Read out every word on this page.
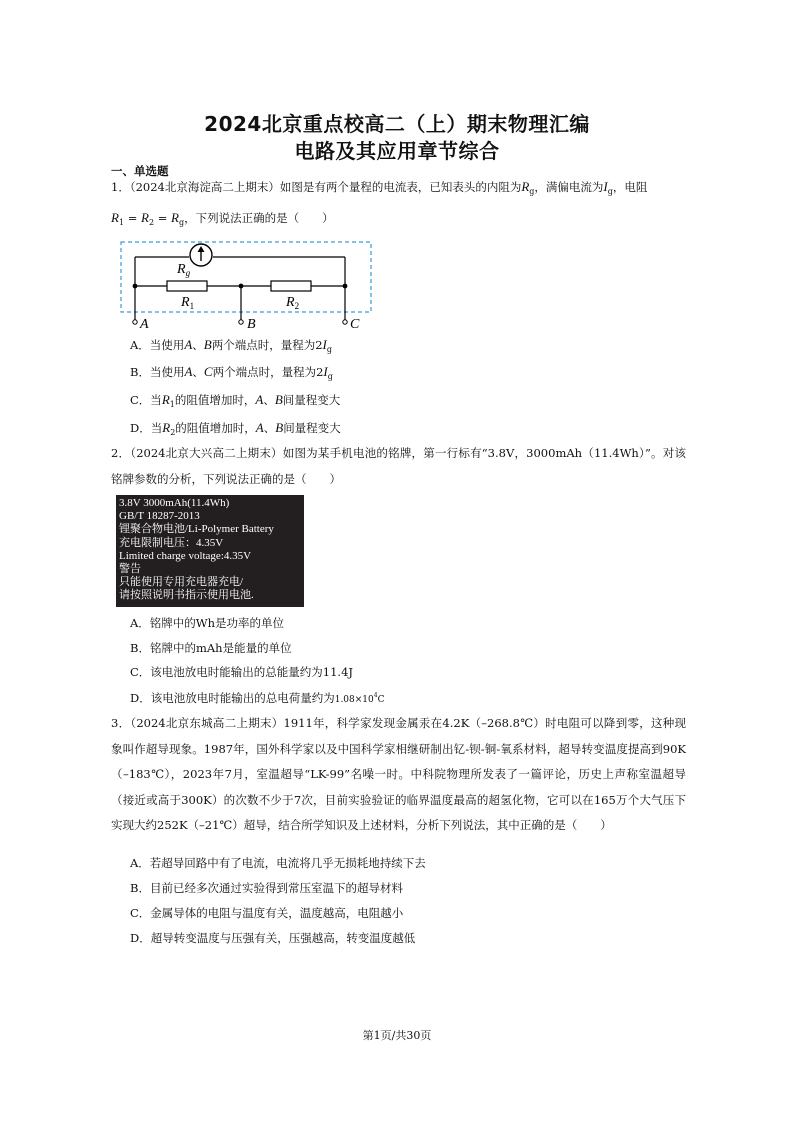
2024北京重点校高二（上）期末物理汇编
电路及其应用章节综合
一、单选题
1．（2024北京海淀高二上期末）如图是有两个量程的电流表，已知表头的内阻为$R_g$，满偏电流为$I_g$，电阻
$R_1 = R_2 = R_g$，下列说法正确的是（　　）
$R_g$
$R_1$	$R_2$
A	B	C
A．当使用A、B两个端点时，量程为$2I_g$
B．当使用A、C两个端点时，量程为$2I_g$
C．当$R_1$的阻值增加时，A、B间量程变大
D．当$R_2$的阻值增加时，A、B间量程变大
2．（2024北京大兴高二上期末）如图为某手机电池的铭牌，第一行标有“3.8V，3000mAh（11.4Wh）”。对该铭牌参数的分析，下列说法正确的是（　　）
3.8V 3000mAh(11.4Wh)
GB/T 18287-2013
锂聚合物电池/Li-Polymer Battery
充电限制电压：4.35V
Limited charge voltage:4.35V
警告
只能使用专用充电器充电/
请按照说明书指示使用电池.
A．铭牌中的Wh是功率的单位
B．铭牌中的mAh是能量的单位
C．该电池放电时能输出的总能量约为11.4J
D．该电池放电时能输出的总电荷量约为$1.08\times 10^4C$
3．（2024北京东城高二上期末）1911年，科学家发现金属汞在4.2K（–268.8℃）时电阻可以降到零，这种现象叫作超导现象。1987年，国外科学家以及中国科学家相继研制出钇-钡-铜-氧系材料，超导转变温度提高到90K（–183℃），2023年7月，室温超导“LK-99”名噪一时。中科院物理所发表了一篇评论，历史上声称室温超导（接近或高于300K）的次数不少于7次，目前实验验证的临界温度最高的超氢化物，它可以在165万个大气压下实现大约252K（–21℃）超导，结合所学知识及上述材料，分析下列说法，其中正确的是（　　）
A．若超导回路中有了电流，电流将几乎无损耗地持续下去
B．目前已经多次通过实验得到常压室温下的超导材料
C．金属导体的电阻与温度有关，温度越高，电阻越小
D．超导转变温度与压强有关，压强越高，转变温度越低
第1页/共30页
